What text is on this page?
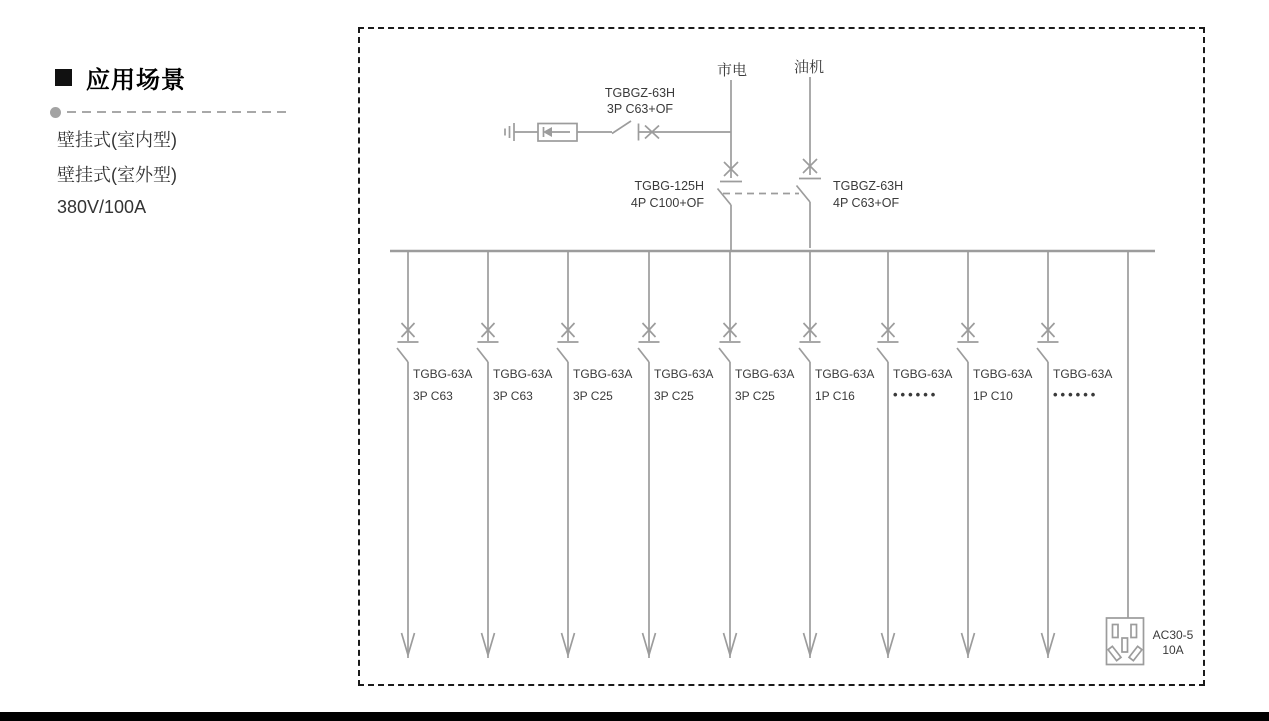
应用场景
壁挂式(室内型)
壁挂式(室外型)
380V/100A
TGBGZ-63H
3P C63+OF
市电
TGBG-125H
4P C100+OF
油机
TGBGZ-63H
4P C63+OF
TGBG-63A
3P C63
TGBG-63A
3P C63
TGBG-63A
3P C25
TGBG-63A
3P C25
TGBG-63A
3P C25
TGBG-63A
1P C16
TGBG-63A
••••••
TGBG-63A
1P C10
TGBG-63A
••••••
AC30-5
10A
